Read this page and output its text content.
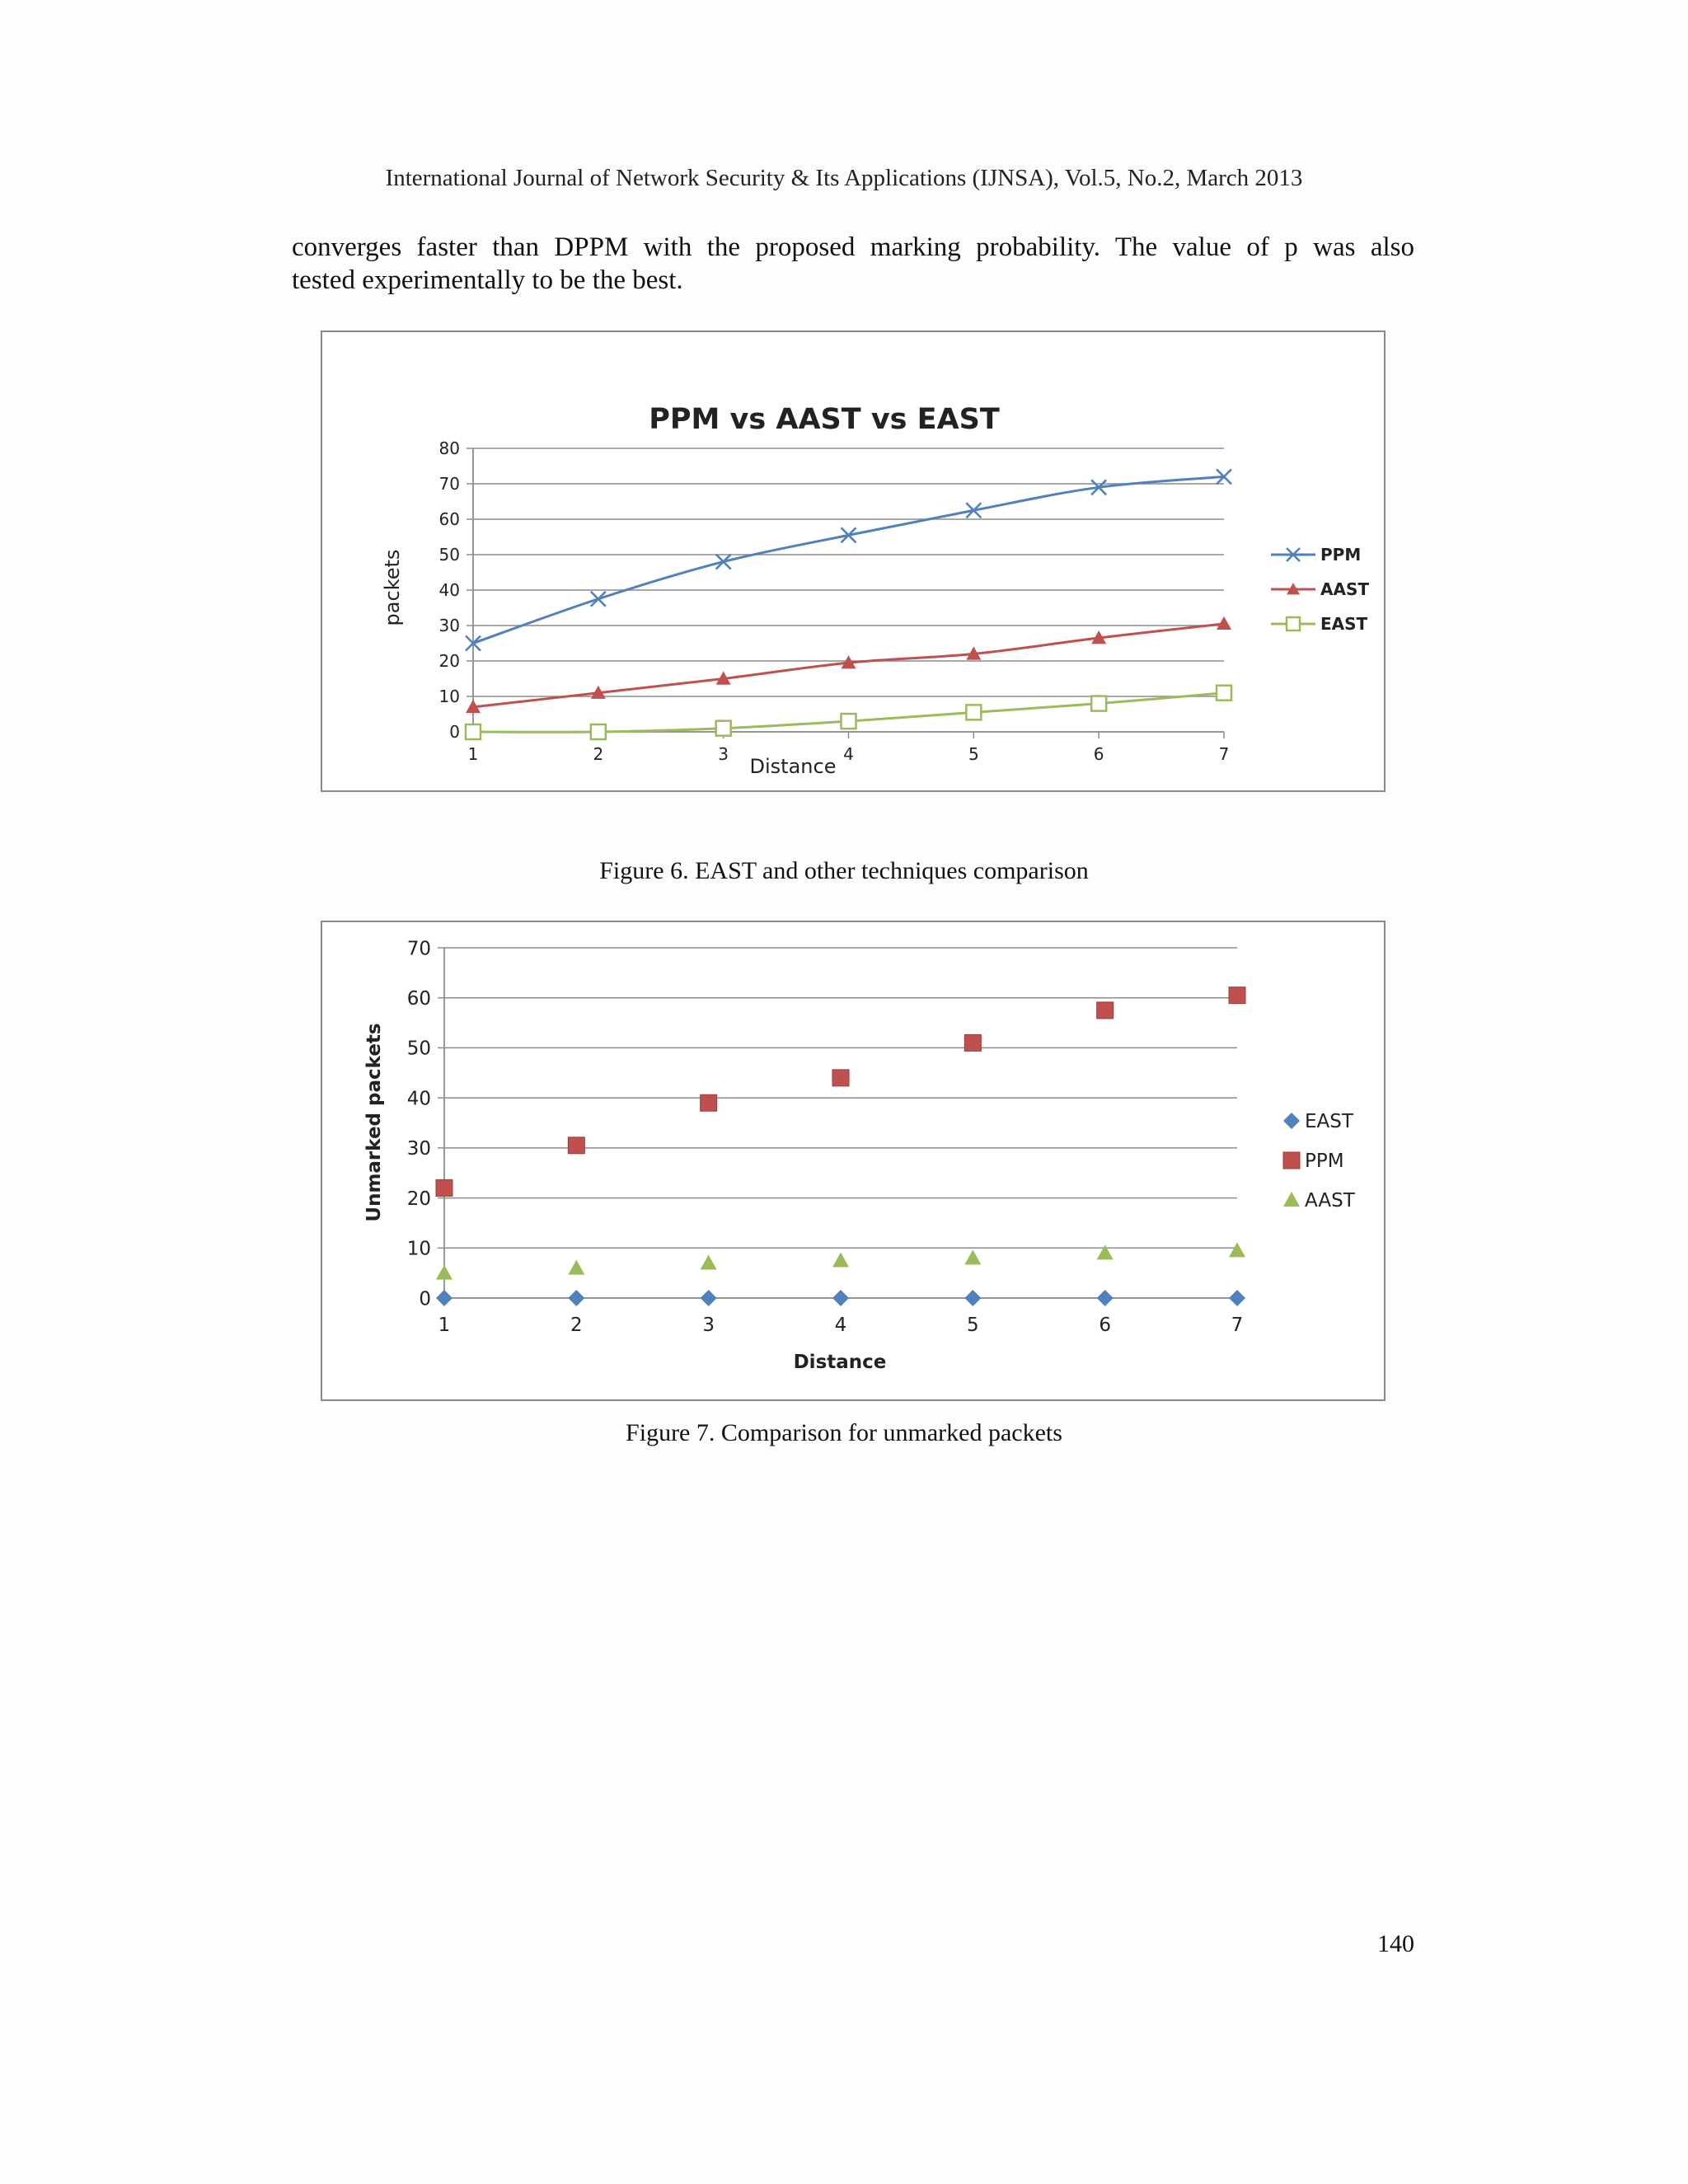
International Journal of Network Security & Its Applications (IJNSA), Vol.5, No.2, March 2013
converges faster than DPPM with the proposed marking probability. The value of p was also
tested experimentally to be the best.
PPM vs AAST vs EAST
0
10
20
30
40
50
60
70
80
1	2	3	4	5	6	7
Distance
packets	PPM
AAST
EAST
Figure 6. EAST and other techniques comparison
0
10
20
30
40
50
60
70
1	2	3	4	5	6	7
Distance
Unmarked packets	EAST
PPM
AAST
Figure 7. Comparison for unmarked packets
140
